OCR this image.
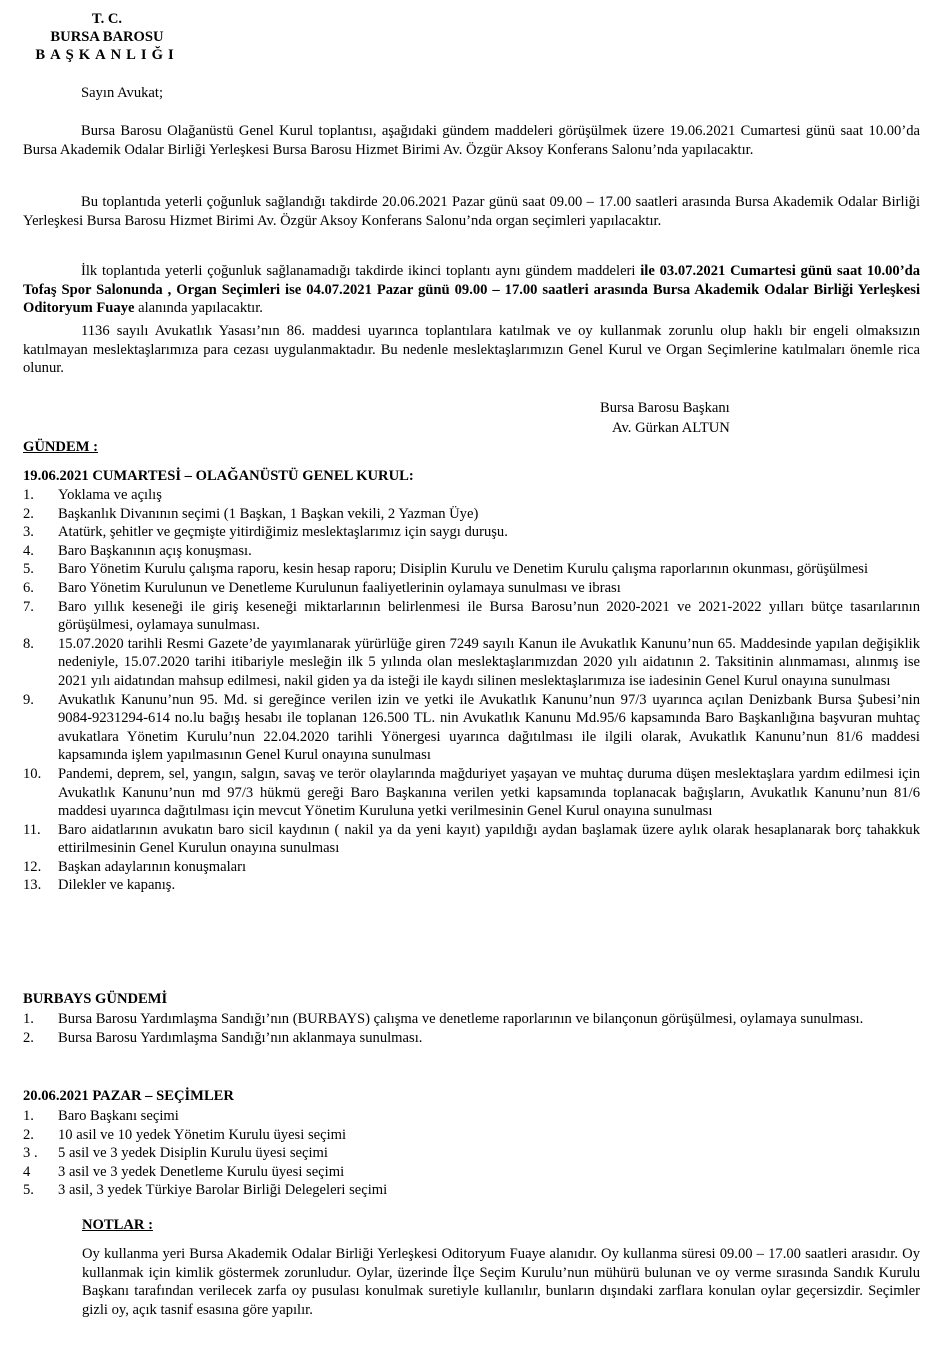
T. C.
BURSA BAROSU
BAŞKANLIĞI
Sayın Avukat;
Bursa Barosu Olağanüstü Genel Kurul toplantısı, aşağıdaki gündem maddeleri görüşülmek üzere 19.06.2021 Cumartesi günü saat 10.00’da Bursa Akademik Odalar Birliği Yerleşkesi Bursa Barosu Hizmet Birimi Av. Özgür Aksoy Konferans Salonu’nda yapılacaktır.
Bu toplantıda yeterli çoğunluk sağlandığı takdirde 20.06.2021 Pazar günü saat 09.00 – 17.00 saatleri arasında Bursa Akademik Odalar Birliği Yerleşkesi Bursa Barosu Hizmet Birimi Av. Özgür Aksoy Konferans Salonu’nda organ seçimleri yapılacaktır.
İlk toplantıda yeterli çoğunluk sağlanamadığı takdirde ikinci toplantı aynı gündem maddeleri ile 03.07.2021 Cumartesi günü saat 10.00’da Tofaş Spor Salonunda , Organ Seçimleri ise 04.07.2021 Pazar günü 09.00 – 17.00 saatleri arasında Bursa Akademik Odalar Birliği Yerleşkesi Oditoryum Fuaye alanında yapılacaktır.
1136 sayılı Avukatlık Yasası’nın 86. maddesi uyarınca toplantılara katılmak ve oy kullanmak zorunlu olup haklı bir engeli olmaksızın katılmayan meslektaşlarımıza para cezası uygulanmaktadır. Bu nedenle meslektaşlarımızın Genel Kurul ve Organ Seçimlerine katılmaları önemle rica olunur.
Bursa Barosu Başkanı
Av. Gürkan ALTUN
GÜNDEM :
19.06.2021 CUMARTESİ – OLAĞANÜSTÜ GENEL KURUL:
1.	Yoklama ve açılış
2.	Başkanlık Divanının seçimi (1 Başkan, 1 Başkan vekili, 2 Yazman Üye)
3.	Atatürk, şehitler ve geçmişte yitirdiğimiz meslektaşlarımız için saygı duruşu.
4.	Baro Başkanının açış konuşması.
5.	Baro Yönetim Kurulu çalışma raporu, kesin hesap raporu; Disiplin Kurulu ve Denetim Kurulu çalışma raporlarının okunması, görüşülmesi
6.	Baro Yönetim Kurulunun ve Denetleme Kurulunun faaliyetlerinin oylamaya sunulması ve ibrası
7.	Baro yıllık keseneği ile giriş keseneği miktarlarının belirlenmesi ile Bursa Barosu’nun 2020-2021 ve 2021-2022 yılları bütçe tasarılarının görüşülmesi, oylamaya sunulması.
8.	15.07.2020 tarihli Resmi Gazete’de yayımlanarak yürürlüğe giren 7249 sayılı Kanun ile Avukatlık Kanunu’nun 65. Maddesinde yapılan değişiklik nedeniyle, 15.07.2020 tarihi itibariyle mesleğin ilk 5 yılında olan meslektaşlarımızdan 2020 yılı aidatının 2. Taksitinin alınmaması, alınmış ise 2021 yılı aidatından mahsup edilmesi, nakil giden ya da isteği ile kaydı silinen meslektaşlarımıza ise iadesinin Genel Kurul onayına sunulması
9.	Avukatlık Kanunu’nun 95. Md. si gereğince verilen izin ve yetki ile Avukatlık Kanunu’nun 97/3 uyarınca açılan Denizbank Bursa Şubesi’nin 9084-9231294-614 no.lu bağış hesabı ile toplanan 126.500 TL. nin Avukatlık Kanunu Md.95/6 kapsamında Baro Başkanlığına başvuran muhtaç avukatlara Yönetim Kurulu’nun 22.04.2020 tarihli Yönergesi uyarınca dağıtılması ile ilgili olarak, Avukatlık Kanunu’nun 81/6 maddesi kapsamında işlem yapılmasının Genel Kurul onayına sunulması
10.	Pandemi, deprem, sel, yangın, salgın, savaş ve terör olaylarında mağduriyet yaşayan ve muhtaç duruma düşen meslektaşlara yardım edilmesi için Avukatlık Kanunu’nun md 97/3 hükmü gereği Baro Başkanına verilen yetki kapsamında toplanacak bağışların, Avukatlık Kanunu’nun 81/6 maddesi uyarınca dağıtılması için mevcut Yönetim Kuruluna yetki verilmesinin Genel Kurul onayına sunulması
11.	Baro aidatlarının avukatın baro sicil kaydının ( nakil ya da yeni kayıt) yapıldığı aydan başlamak üzere aylık olarak hesaplanarak borç tahakkuk ettirilmesinin Genel Kurulun onayına sunulması
12.	Başkan adaylarının konuşmaları
13.	Dilekler ve kapanış.
BURBAYS GÜNDEMİ
1.	Bursa Barosu Yardımlaşma Sandığı’nın (BURBAYS) çalışma ve denetleme raporlarının ve bilançonun görüşülmesi, oylamaya sunulması.
2.	Bursa Barosu Yardımlaşma Sandığı’nın aklanmaya sunulması.
20.06.2021 PAZAR – SEÇİMLER
1.	Baro Başkanı seçimi
2.	10 asil ve 10 yedek Yönetim Kurulu üyesi seçimi
3 .	5 asil ve 3 yedek Disiplin Kurulu üyesi seçimi
4	3 asil ve 3 yedek Denetleme Kurulu üyesi seçimi
5.	3 asil, 3 yedek Türkiye Barolar Birliği Delegeleri seçimi
NOTLAR :
Oy kullanma yeri Bursa Akademik Odalar Birliği Yerleşkesi Oditoryum Fuaye alanıdır. Oy kullanma süresi 09.00 – 17.00 saatleri arasıdır. Oy kullanmak için kimlik göstermek zorunludur. Oylar, üzerinde İlçe Seçim Kurulu’nun mühürü bulunan ve oy verme sırasında Sandık Kurulu Başkanı tarafından verilecek zarfa oy pusulası konulmak suretiyle kullanılır, bunların dışındaki zarflara konulan oylar geçersizdir. Seçimler gizli oy, açık tasnif esasına göre yapılır.
